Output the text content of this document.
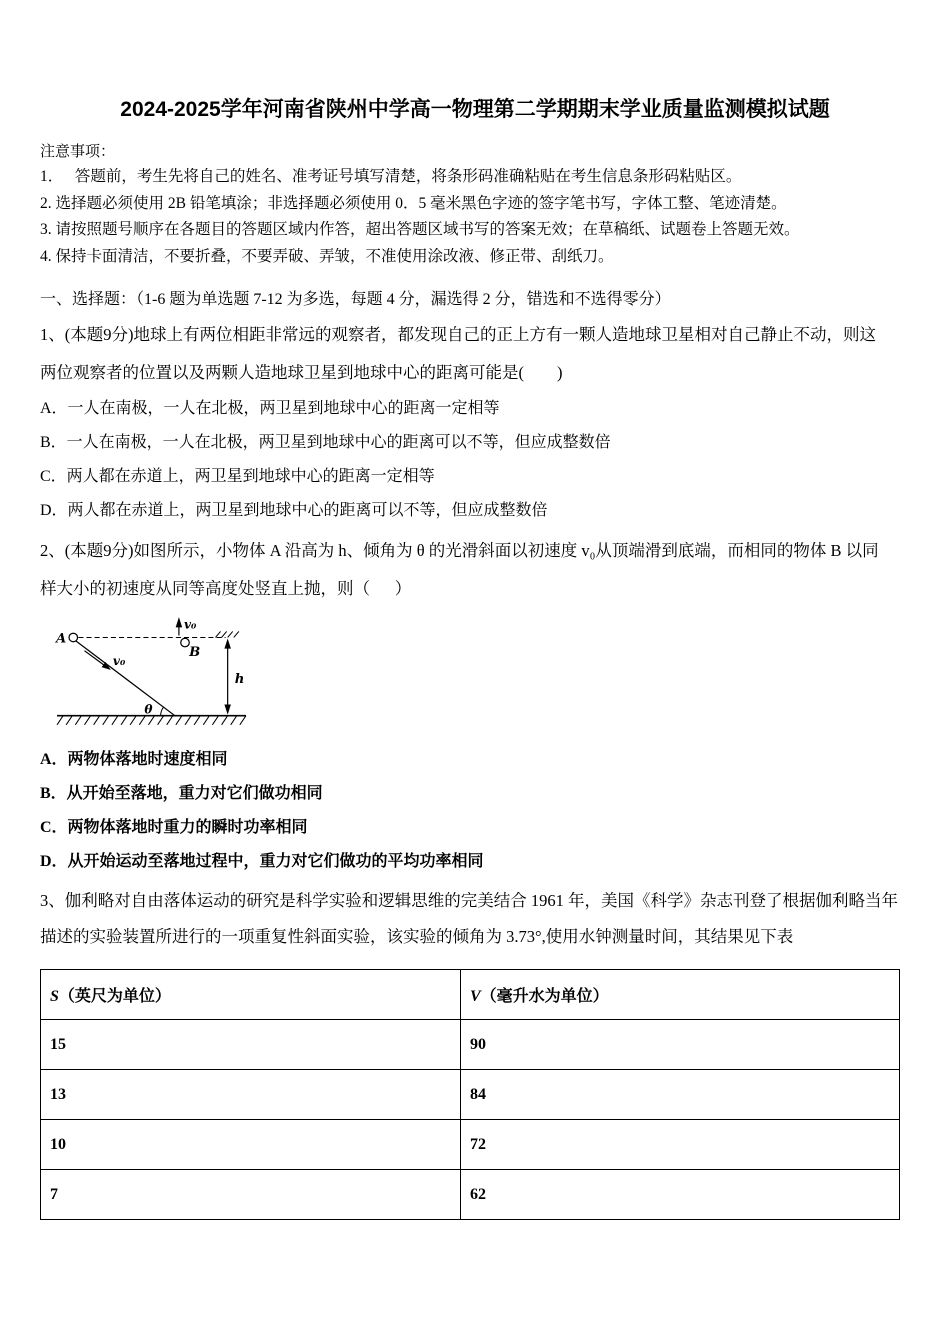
2024-2025学年河南省陕州中学高一物理第二学期期末学业质量监测模拟试题
注意事项：
1．　 答题前，考生先将自己的姓名、准考证号填写清楚，将条形码准确粘贴在考生信息条形码粘贴区。
2. 选择题必须使用 2B 铅笔填涂；非选择题必须使用 0．5 毫米黑色字迹的签字笔书写，字体工整、笔迹清楚。
3. 请按照题号顺序在各题目的答题区域内作答，超出答题区域书写的答案无效；在草稿纸、试题卷上答题无效。
4. 保持卡面清洁，不要折叠，不要弄破、弄皱，不准使用涂改液、修正带、刮纸刀。
一、选择题：（1-6 题为单选题 7-12 为多选，每题 4 分，漏选得 2 分，错选和不选得零分）
1、(本题9分)地球上有两位相距非常远的观察者，都发现自己的正上方有一颗人造地球卫星相对自己静止不动，则这
两位观察者的位置以及两颗人造地球卫星到地球中心的距离可能是(        )
A．一人在南极，一人在北极，两卫星到地球中心的距离一定相等
B．一人在南极，一人在北极，两卫星到地球中心的距离可以不等，但应成整数倍
C．两人都在赤道上，两卫星到地球中心的距离一定相等
D．两人都在赤道上，两卫星到地球中心的距离可以不等，但应成整数倍
2、(本题9分)如图所示，小物体 A 沿高为 h、倾角为 θ 的光滑斜面以初速度 v₀从顶端滑到底端，而相同的物体 B 以同
样大小的初速度从同等高度处竖直上抛，则（      ）
A
B
v₀
v₀
θ
h
A．两物体落地时速度相同
B．从开始至落地，重力对它们做功相同
C．两物体落地时重力的瞬时功率相同
D．从开始运动至落地过程中，重力对它们做功的平均功率相同
3、伽利略对自由落体运动的研究是科学实验和逻辑思维的完美结合 1961 年，美国《科学》杂志刊登了根据伽利略当年
描述的实验装置所进行的一项重复性斜面实验，该实验的倾角为 3.73°,使用水钟测量时间，其结果见下表
S（英尺为单位）	V（毫升水为单位）
15	90
13	84
10	72
7	62
